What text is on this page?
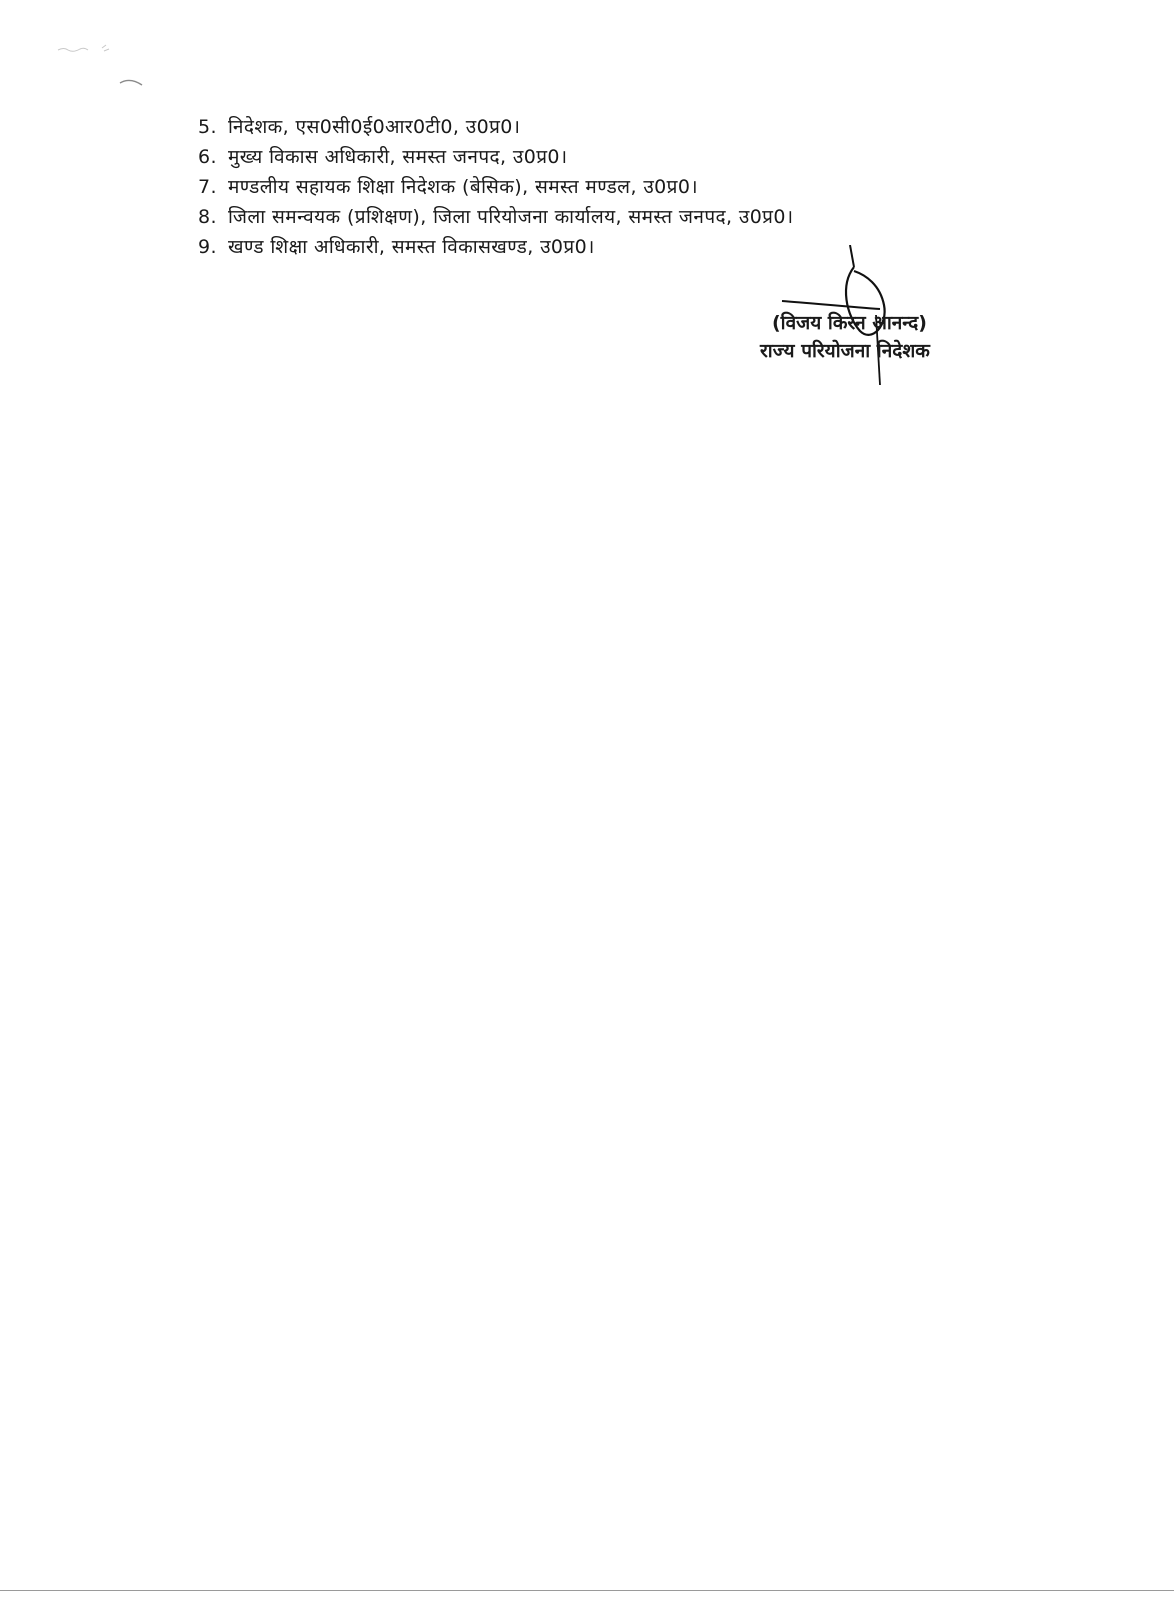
5. निदेशक, एस0सी0ई0आर0टी0, उ0प्र0।
6. मुख्य विकास अधिकारी, समस्त जनपद, उ0प्र0।
7. मण्डलीय सहायक शिक्षा निदेशक (बेसिक), समस्त मण्डल, उ0प्र0।
8. जिला समन्वयक (प्रशिक्षण), जिला परियोजना कार्यालय, समस्त जनपद, उ0प्र0।
9. खण्ड शिक्षा अधिकारी, समस्त विकासखण्ड, उ0प्र0।
(विजय किरन आनन्द)
राज्य परियोजना निदेशक
